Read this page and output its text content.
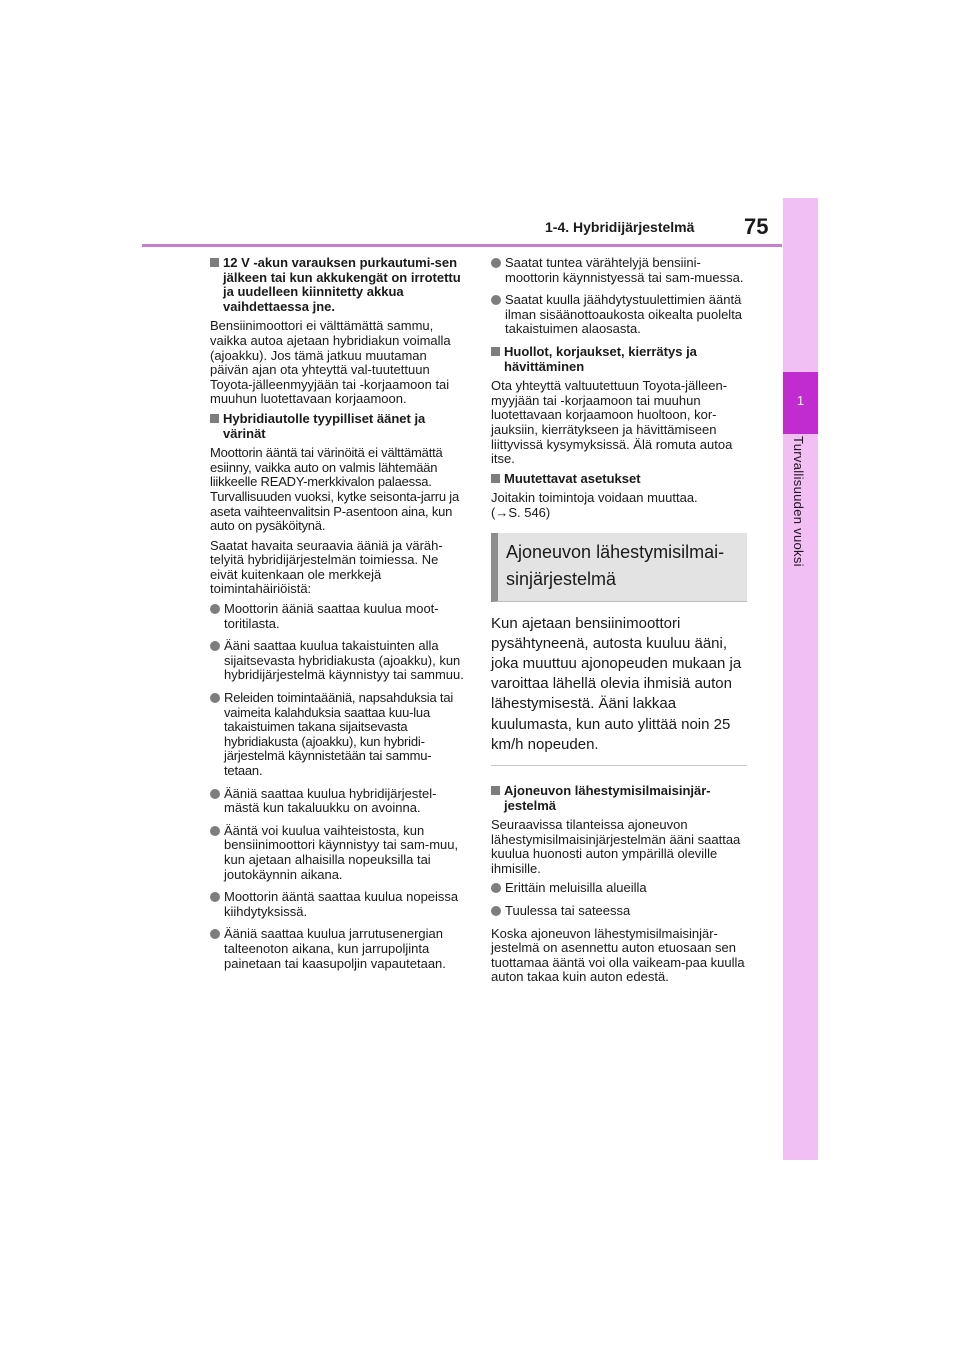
1-4. Hybridijärjestelmä 75
1
Turvallisuuden vuoksi
12 V -akun varauksen purkautumi-sen jälkeen tai kun akkukengät on irrotettu ja uudelleen kiinnitetty akkua vaihdettaessa jne.
Bensiinimoottori ei välttämättä sammu, vaikka autoa ajetaan hybridiakun voimalla (ajoakku). Jos tämä jatkuu muutaman päivän ajan ota yhteyttä val-tuutettuun Toyota-jälleenmyyjään tai -korjaamoon tai muuhun luotettavaan korjaamoon.
Hybridiautolle tyypilliset äänet ja värinät
Moottorin ääntä tai värinöitä ei välttämättä esiinny, vaikka auto on valmis lähtemään liikkeelle READY-merkkivalon palaessa. Turvallisuuden vuoksi, kytke seisonta-jarru ja aseta vaihteenvalitsin P-asentoon aina, kun auto on pysäköitynä.
Saatat havaita seuraavia ääniä ja väräh-telyitä hybridijärjestelmän toimiessa. Ne eivät kuitenkaan ole merkkejä toimintahäiriöistä:
Moottorin ääniä saattaa kuulua moot-toritilasta.
Ääni saattaa kuulua takaistuinten alla sijaitsevasta hybridiakusta (ajoakku), kun hybridijärjestelmä käynnistyy tai sammuu.
Releiden toimintaääniä, napsahduksia tai vaimeita kalahduksia saattaa kuu-lua takaistuimen takana sijaitsevasta hybridiakusta (ajoakku), kun hybridi-järjestelmä käynnistetään tai sammu-tetaan.
Ääniä saattaa kuulua hybridijärjestel-mästä kun takaluukku on avoinna.
Ääntä voi kuulua vaihteistosta, kun bensiinimoottori käynnistyy tai sam-muu, kun ajetaan alhaisilla nopeuksilla tai joutokäynnin aikana.
Moottorin ääntä saattaa kuulua nopeissa kiihdytyksissä.
Ääniä saattaa kuulua jarrutusenergian talteenoton aikana, kun jarrupoljinta painetaan tai kaasupoljin vapautetaan.
Saatat tuntea värähtelyjä bensiini-moottorin käynnistyessä tai sam-muessa.
Saatat kuulla jäähdytystuulettimien ääntä ilman sisäänottoaukosta oikealta puolelta takaistuimen alaosasta.
Huollot, korjaukset, kierrätys ja hävittäminen
Ota yhteyttä valtuutettuun Toyota-jälleen-myyjään tai -korjaamoon tai muuhun luotettavaan korjaamoon huoltoon, kor-jauksiin, kierrätykseen ja hävittämiseen liittyvissä kysymyksissä. Älä romuta autoa itse.
Muutettavat asetukset
Joitakin toimintoja voidaan muuttaa.
(→S. 546)
Ajoneuvon lähestymisilmai-sinjärjestelmä
Kun ajetaan bensiinimoottori pysähtyneenä, autosta kuuluu ääni, joka muuttuu ajonopeuden mukaan ja varoittaa lähellä olevia ihmisiä auton lähestymisestä. Ääni lakkaa kuulumasta, kun auto ylittää noin 25 km/h nopeuden.
Ajoneuvon lähestymisilmaisinjär-jestelmä
Seuraavissa tilanteissa ajoneuvon lähestymisilmaisinjärjestelmän ääni saattaa kuulua huonosti auton ympärillä oleville ihmisille.
Erittäin meluisilla alueilla
Tuulessa tai sateessa
Koska ajoneuvon lähestymisilmaisinjär-jestelmä on asennettu auton etuosaan sen tuottamaa ääntä voi olla vaikeam-paa kuulla auton takaa kuin auton edestä.
